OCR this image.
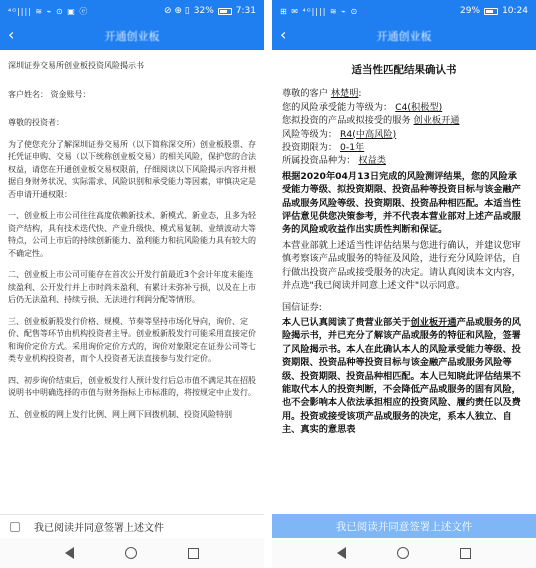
⁴ᴳ|||| ≋ ⌁ ⊙ ▣ ⓔ	⊘ ⊕ ▯ 32% 7:31
‹	开通创业板

深圳证券交易所创业板投资风险揭示书

客户姓名： 资金账号：

尊敬的投资者：

为了使您充分了解深圳证券交易所（以下简称深交所）创业板股票、存托凭证申购、交易（以下统称创业板交易）的相关风险，保护您的合法权益，请您在开通创业板交易权限前，仔细阅读以下风险揭示内容并根据自身财务状况、实际需求、风险识别和承受能力等因素，审慎决定是否申请开通权限：

一、创业板上市公司往往高度依赖新技术、新模式、新业态，且多为轻资产结构，具有技术迭代快、产业升级快、模式易复制、业绩波动大等特点，公司上市后的持续创新能力、盈利能力和抗风险能力具有较大的不确定性。

二、创业板上市公司可能存在首次公开发行前最近3个会计年度未能连续盈利、公开发行并上市时尚未盈利、有累计未弥补亏损，以及在上市后仍无法盈利、持续亏损、无法进行利润分配等情形。

三、创业板新股发行价格、规模、节奏等坚持市场化导向，询价、定价、配售等环节由机构投资者主导。创业板新股发行可能采用直接定价和询价定价方式。采用询价定价方式的，询价对象限定在证券公司等七类专业机构投资者，而个人投资者无法直接参与发行定价。

四、初步询价结束后，创业板发行人预计发行后总市值不满足其在招股说明书中明确选择的市值与财务指标上市标准的，将按规定中止发行。

五、创业板的网上发行比例、网上网下回拨机制、投资风险特别

我已阅读并同意签署上述文件
⊞ ✉ ⁴ᴳ|||| ≋ ⌁ ⊙	29% 10:24
‹	开通创业板
适当性匹配结果确认书
尊敬的客户 林楚明:
您的风险承受能力等级为： C4(积极型)
您拟投资的产品或拟接受的服务 创业板开通
风险等级为： R4(中高风险)
投资期限为： 0-1年
所属投资品种为： 权益类
根据2020年04月13日完成的风险测评结果，您的风险承受能力等级、拟投资期限、投资品种等投资目标与该金融产品或服务风险等级、投资期限、投资品种相匹配。本适当性评估意见供您决策参考，并不代表本营业部对上述产品或服务的风险或收益作出实质性判断和保证。
本营业部就上述适当性评估结果与您进行确认，并建议您审慎考察该产品或服务的特征及风险，进行充分风险评估，自行做出投资产品或接受服务的决定。请认真阅读本文内容，并点选"我已阅读并同意上述文件"以示同意。
国信证券:
本人已认真阅读了贵营业部关于创业板开通产品或服务的风险揭示书，并已充分了解该产品或服务的特征和风险，签署了风险揭示书。本人在此确认本人的风险承受能力等级、投资期限、投资品种等投资目标与该金融产品或服务风险等级、投资期限、投资品种相匹配。本人已知晓此评估结果不能取代本人的投资判断，不会降低产品或服务的固有风险，也不会影响本人依法承担相应的投资风险、履约责任以及费用。投资或接受该项产品或服务的决定，系本人独立、自主、真实的意思表
我已阅读并同意签署上述文件
